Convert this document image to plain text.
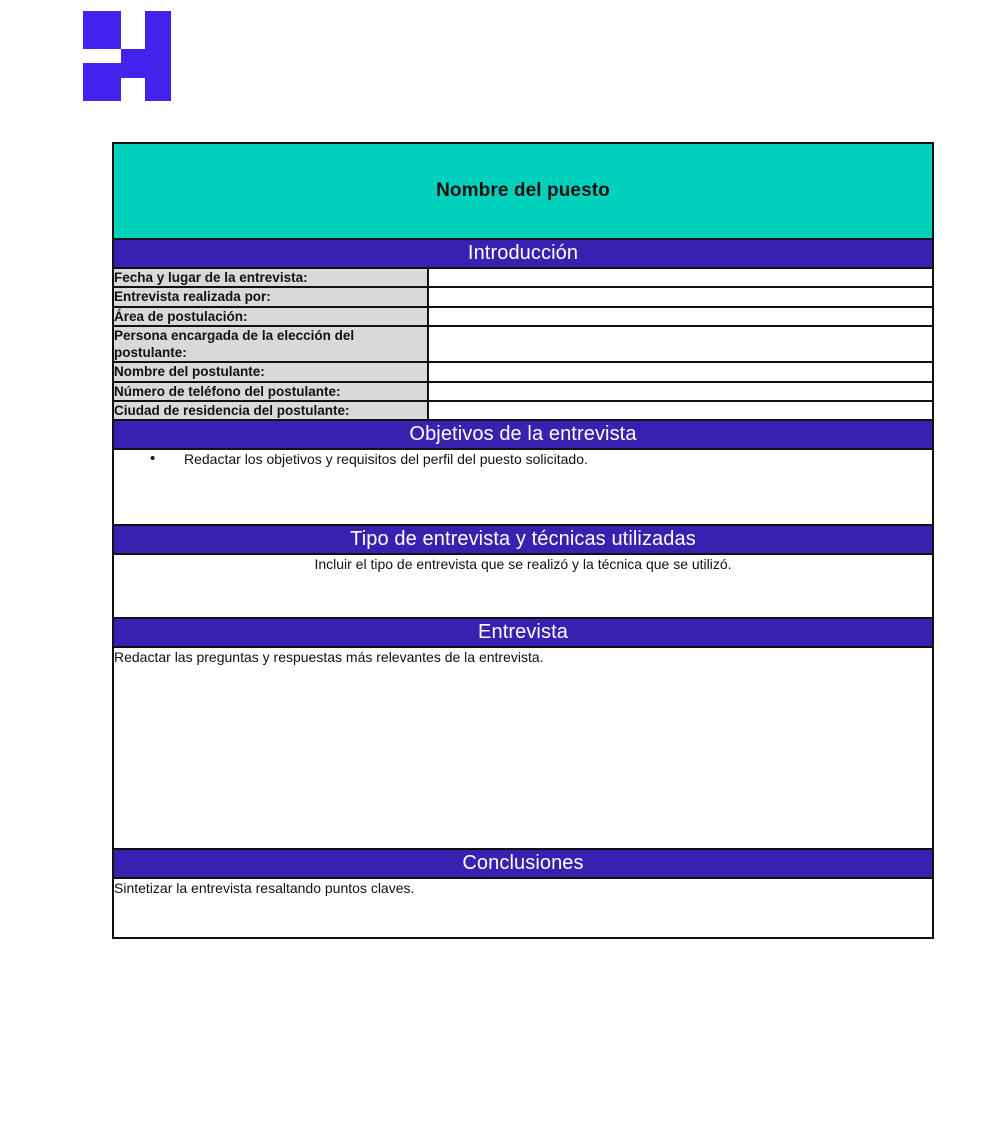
Nombre del puesto	
Introducción	
Fecha y lugar de la entrevista:	
Entrevista realizada por:	
Área de postulación:	
Persona encargada de la elección del postulante:	
Nombre del postulante:	
Número de teléfono del postulante:	
Ciudad de residencia del postulante:	
Objetivos de la entrevista	

• Redactar los objetivos y requisitos del perfil del puesto solicitado.	

Tipo de entrevista y técnicas utilizadas	
Incluir el tipo de entrevista que se realizó y la técnica que se utilizó.	
Entrevista	
Redactar las preguntas y respuestas más relevantes de la entrevista.	
Conclusiones	
Sintetizar la entrevista resaltando puntos claves.	
